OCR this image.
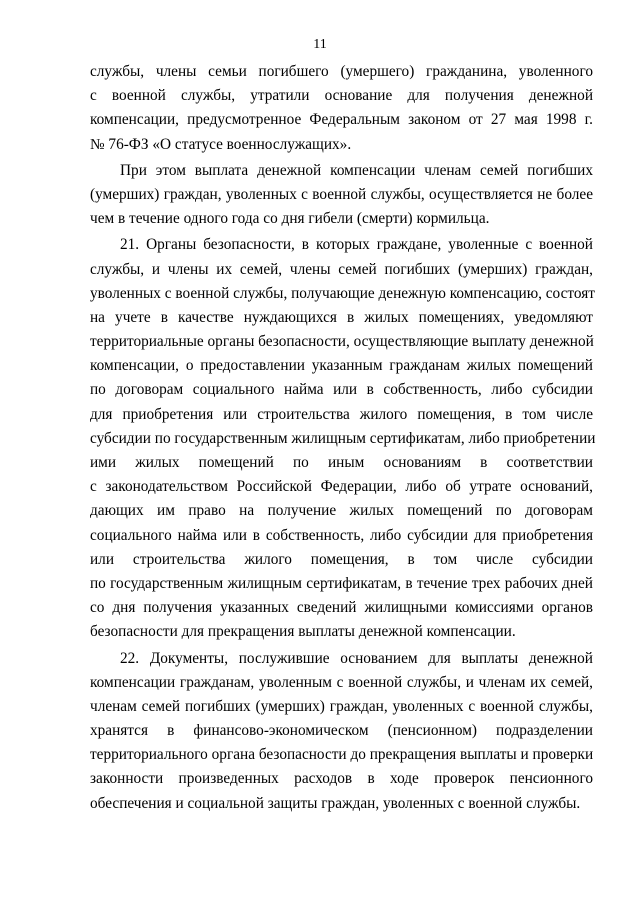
11
службы, члены семьи погибшего (умершего) гражданина, уволенного
с военной службы, утратили основание для получения денежной
компенсации, предусмотренное Федеральным законом от 27 мая 1998 г.
№ 76-ФЗ «О статусе военнослужащих».
При этом выплата денежной компенсации членам семей погибших
(умерших) граждан, уволенных с военной службы, осуществляется не более
чем в течение одного года со дня гибели (смерти) кормильца.
21. Органы безопасности, в которых граждане, уволенные с военной
службы, и члены их семей, члены семей погибших (умерших) граждан,
уволенных с военной службы, получающие денежную компенсацию, состоят
на учете в качестве нуждающихся в жилых помещениях, уведомляют
территориальные органы безопасности, осуществляющие выплату денежной
компенсации, о предоставлении указанным гражданам жилых помещений
по договорам социального найма или в собственность, либо субсидии
для приобретения или строительства жилого помещения, в том числе
субсидии по государственным жилищным сертификатам, либо приобретении
ими жилых помещений по иным основаниям в соответствии
с законодательством Российской Федерации, либо об утрате оснований,
дающих им право на получение жилых помещений по договорам
социального найма или в собственность, либо субсидии для приобретения
или строительства жилого помещения, в том числе субсидии
по государственным жилищным сертификатам, в течение трех рабочих дней
со дня получения указанных сведений жилищными комиссиями органов
безопасности для прекращения выплаты денежной компенсации.
22. Документы, послужившие основанием для выплаты денежной
компенсации гражданам, уволенным с военной службы, и членам их семей,
членам семей погибших (умерших) граждан, уволенных с военной службы,
хранятся в финансово-экономическом (пенсионном) подразделении
территориального органа безопасности до прекращения выплаты и проверки
законности произведенных расходов в ходе проверок пенсионного
обеспечения и социальной защиты граждан, уволенных с военной службы.
